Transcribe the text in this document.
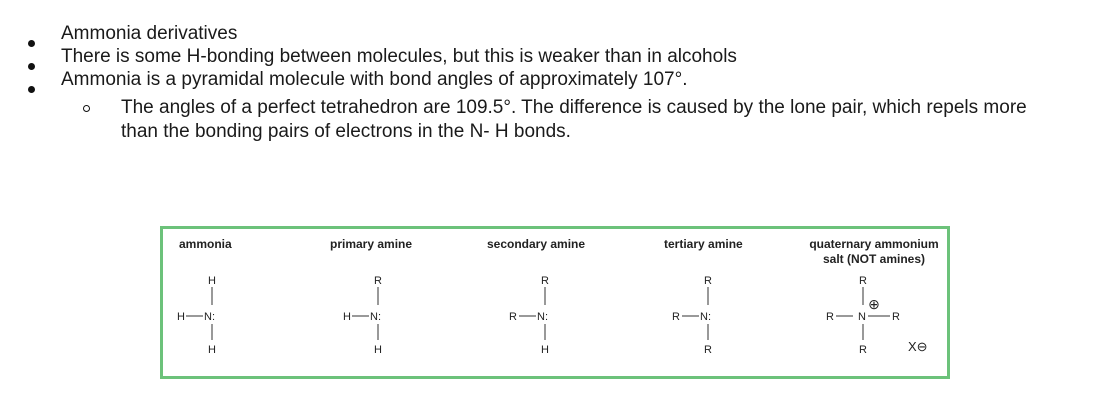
Ammonia derivatives
There is some H-bonding between molecules, but this is weaker than in alcohols
Ammonia is a pyramidal molecule with bond angles of approximately 107°.
The angles of a perfect tetrahedron are 109.5°. The difference is caused by the lone pair, which repels more
than the bonding pairs of electrons in the N- H bonds.
ammonia
H
H N:
H
primary amine
R
H N:
H
secondary amine
R
R N:
H
tertiary amine
R
R N:
R
quaternary ammonium
salt (NOT amines)
R
⊕
R N R
R	X⊖
